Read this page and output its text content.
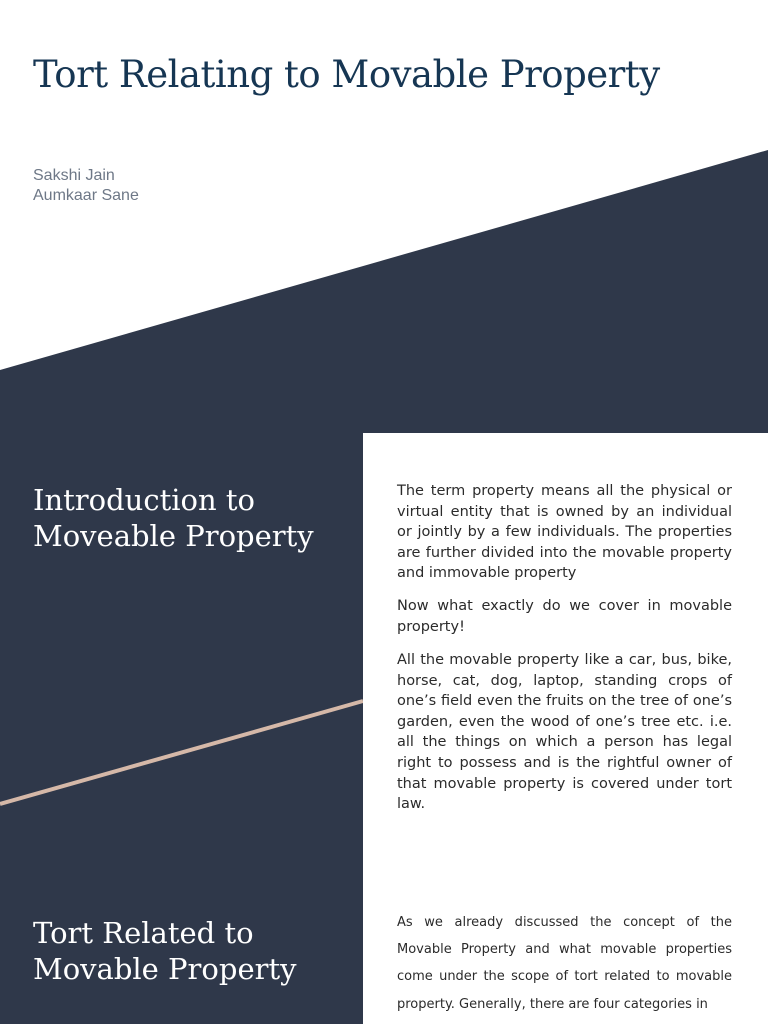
Tort Relating to Movable Property
Sakshi Jain
Aumkaar Sane
Introduction to
Moveable Property

The term property means all the physical or virtual entity that is owned by an individual or jointly by a few individuals. The properties are further divided into the movable property and immovable property

Now what exactly do we cover in movable property!

All the movable property like a car, bus, bike, horse, cat, dog, laptop, standing crops of one’s field even the fruits on the tree of one’s garden, even the wood of one’s tree etc. i.e. all the things on which a person has legal right to possess and is the rightful owner of that movable property is covered under tort law.

Tort Related to
Movable Property

As we already discussed the concept of the Movable Property and what movable properties come under the scope of tort related to movable property. Generally, there are four categories in
